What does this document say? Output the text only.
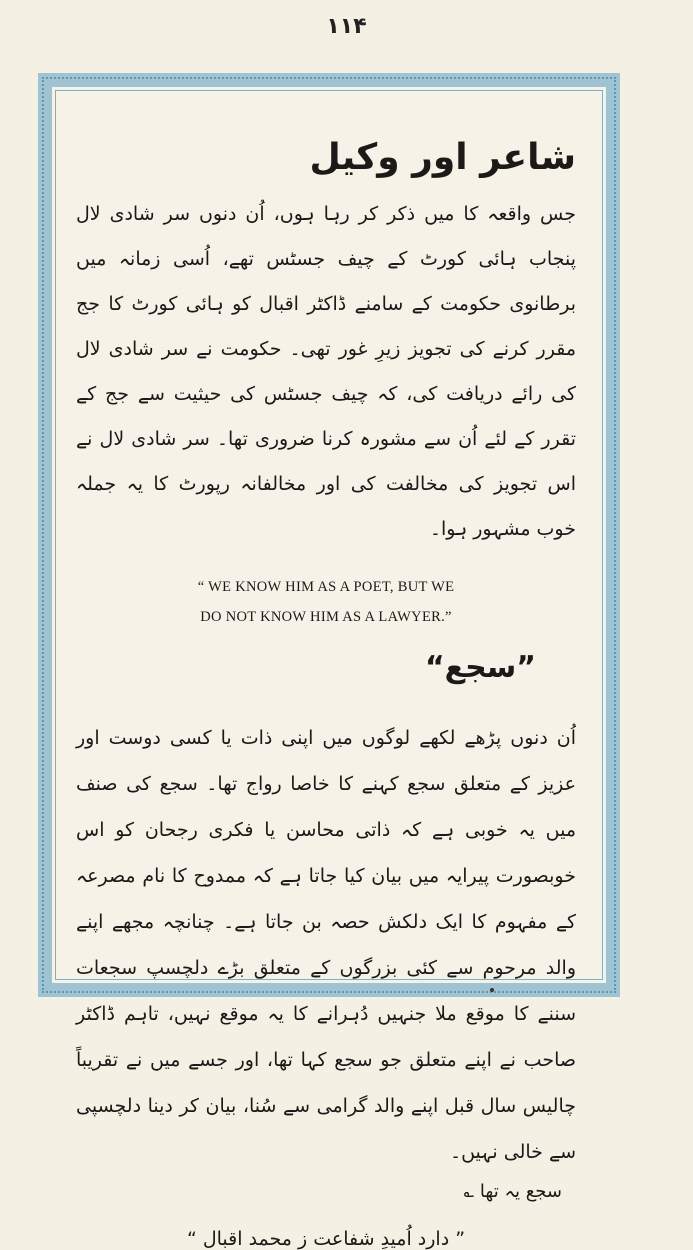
۱۱۴
شاعر اور وکیل

جس واقعہ کا میں ذکر کر رہا ہوں، اُن دنوں سر شادی لال پنجاب ہائی کورٹ کے چیف جسٹس تھے، اُسی زمانہ میں برطانوی حکومت کے سامنے ڈاکٹر اقبال کو ہائی کورٹ کا جج مقرر کرنے کی تجویز زیرِ غور تھی۔ حکومت نے سر شادی لال کی رائے دریافت کی، کہ چیف جسٹس کی حیثیت سے جج کے تقرر کے لئے اُن سے مشورہ کرنا ضروری تھا۔ سر شادی لال نے اس تجویز کی مخالفت کی اور مخالفانہ رپورٹ کا یہ جملہ خوب مشہور ہوا۔

“ WE KNOW HIM AS A POET, BUT WE
DO NOT KNOW HIM AS A LAWYER.”
”سجع“

اُن دنوں پڑھے لکھے لوگوں میں اپنی ذات یا کسی دوست اور عزیز کے متعلق سجع کہنے کا خاصا رواج تھا۔ سجع کی صنف میں یہ خوبی ہے کہ ذاتی محاسن یا فکری رجحان کو اس خوبصورت پیرایہ میں بیان کیا جاتا ہے کہ ممدوح کا نام مصرعہ کے مفہوم کا ایک دلکش حصہ بن جاتا ہے۔ چنانچہ مجھے اپنے والد مرحوم سے کئی بزرگوں کے متعلق بڑے دلچسپ سجعات سننے کا موقع ملا جنہیں دُہرانے کا یہ موقع نہیں، تاہم ڈاکٹر صاحب نے اپنے متعلق جو سجع کہا تھا، اور جسے میں نے تقریباً چالیس سال قبل اپنے والد گرامی سے سُنا، بیان کر دینا دلچسپی سے خالی نہیں۔

سجع یہ تھا ؎
” دارد اُمیدِ شفاعت ز محمد اقبال “
